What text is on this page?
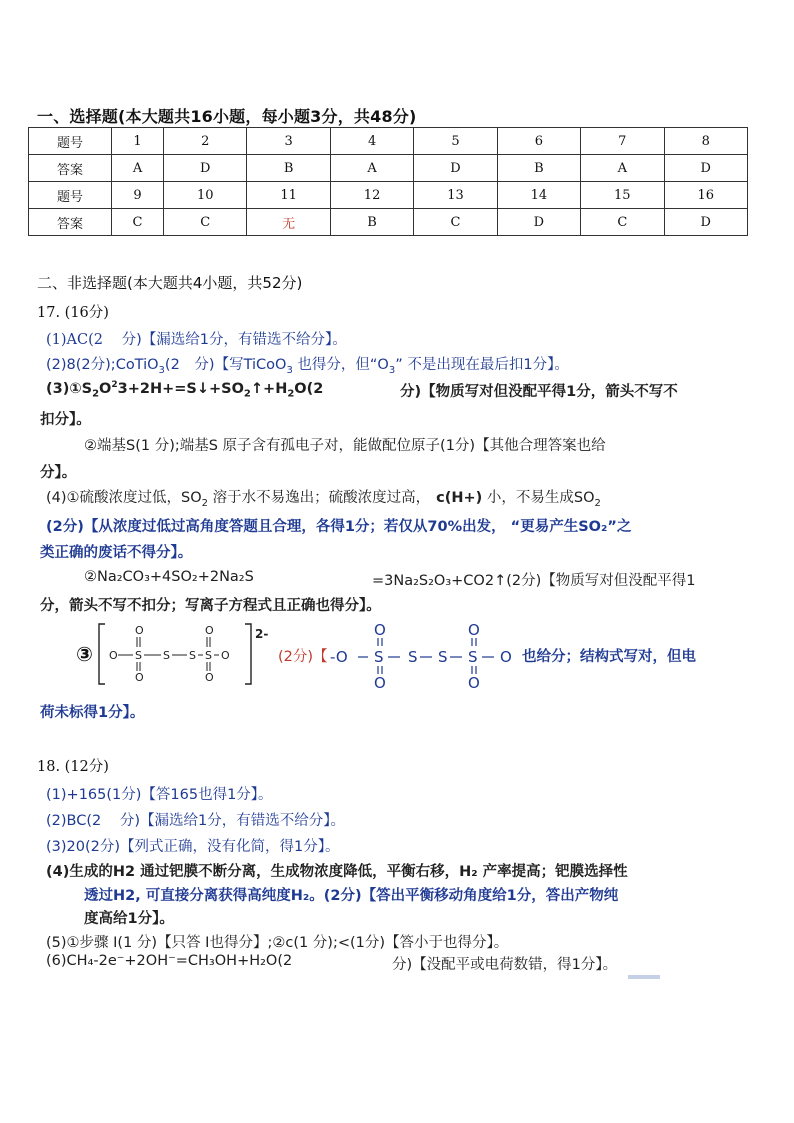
一、选择题(本大题共16小题，每小题3分，共48分)
题号	1	2	3	4	5	6	7	8
答案	A	D	B	A	D	B	A	D
题号	9	10	11	12	13	14	15	16
答案	C	C	无	B	C	D	C	D
二、非选择题(本大题共4小题，共52分)
17. (16分)
(1)AC(2 分)【漏选给1分，有错选不给分】。
(2)8(2分);CoTiO$_3$(2 分)【写TiCoO$_3$ 也得分，但“$O_3$” 不是出现在最后扣1分】。
$(3)①S_2O^23+2H+=S↓+SO_2↑+H_2O(2$	分)【物质写对但没配平得1分，箭头不写不
扣分】。
②端基S(1 分);端基S 原子含有孤电子对，能做配位原子(1分)【其他合理答案也给
分】。
(4)①硫酸浓度过低，$SO_2$ 溶于水不易逸出；硫酸浓度过高， c(H+) 小，不易生成$SO_2$
(2分)【从浓度过低过高角度答题且合理，各得1分；若仅从70%出发， “更易产生SO₂”之
类正确的废话不得分】。
②Na₂CO₃+4SO₂+2Na₂S	=3Na₂S₂O₃+CO2↑(2分)【物质写对但没配平得1
分，箭头不写不扣分；写离子方程式且正确也得分】。
③ O S S S O
O
O
O
O
S
2-
(2分)【 -O S S S S O
O
O
O
O
也给分；结构式写对，但电
荷未标得1分】。
18. (12分)
(1)+165(1分)【答165也得1分】。
(2)BC(2 分)【漏选给1分，有错选不给分】。
(3)20(2分)【列式正确，没有化简，得1分】。
(4)生成的H2 通过钯膜不断分离，生成物浓度降低，平衡右移，H₂ 产率提高；钯膜选择性
透过H2, 可直接分离获得高纯度H₂。(2分)【答出平衡移动角度给1分，答出产物纯
度高给1分】。
(5)①步骤 I(1 分)【只答 I也得分】;②c(1 分);<(1分)【答小于也得分】。
(6)CH₄-2e⁻+2OH⁻=CH₃OH+H₂O(2	分)【没配平或电荷数错，得1分】。
